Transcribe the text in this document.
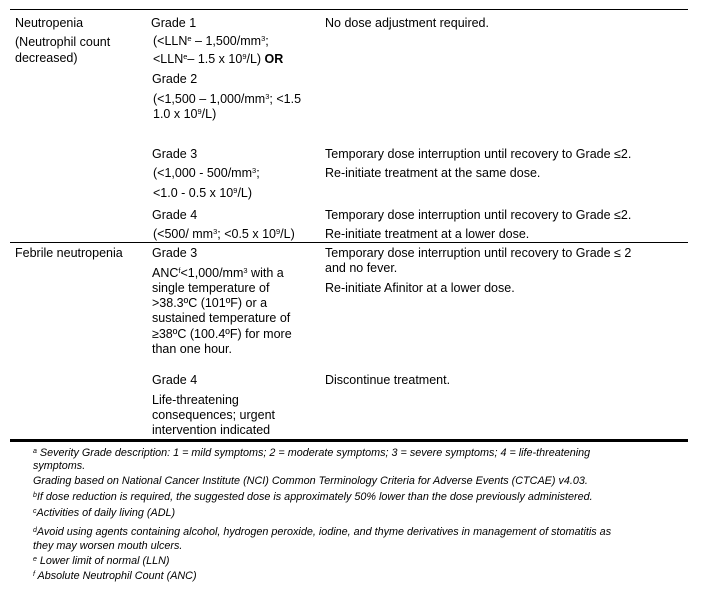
Neutropenia
(Neutrophil count
decreased)
Grade 1
($<LLN^e - 1,500/mm^3$;
$<LLN^e-$ 1.5 x $10^9/L$) OR
No dose adjustment required.
Grade 2
($<1,500 - 1,000/mm^3$; <1.5
1.0 x $10^9/L$)
Grade 3
($<1,000 - 500/mm^3$;
<1.0 - 0.5 x $10^9/L$)
Temporary dose interruption until recovery to Grade ≤2.
Re-initiate treatment at the same dose.
Grade 4
(<500/ $mm^3$; <0.5 x $10^9/L$)
Temporary dose interruption until recovery to Grade ≤2.
Re-initiate treatment at a lower dose.
Febrile neutropenia Grade 3
$ANC^f<1,000/mm^3$ with a
single temperature of
>38.3ºC (101ºF) or a
sustained temperature of
≥38ºC (100.4ºF) for more
than one hour.
Temporary dose interruption until recovery to Grade ≤ 2
and no fever.
Re-initiate Afinitor at a lower dose.
Grade 4
Life-threatening
consequences; urgent
intervention indicated
Discontinue treatment.
$^a$ Severity Grade description: 1 = mild symptoms; 2 = moderate symptoms; 3 = severe symptoms; 4 = life-threatening
symptoms.
Grading based on National Cancer Institute (NCI) Common Terminology Criteria for Adverse Events (CTCAE) v4.03.
$^b$If dose reduction is required, the suggested dose is approximately 50% lower than the dose previously administered.
$^c$Activities of daily living (ADL)
$^d$Avoid using agents containing alcohol, hydrogen peroxide, iodine, and thyme derivatives in management of stomatitis as
they may worsen mouth ulcers.
$^e$ Lower limit of normal (LLN)
$^f$ Absolute Neutrophil Count (ANC)
